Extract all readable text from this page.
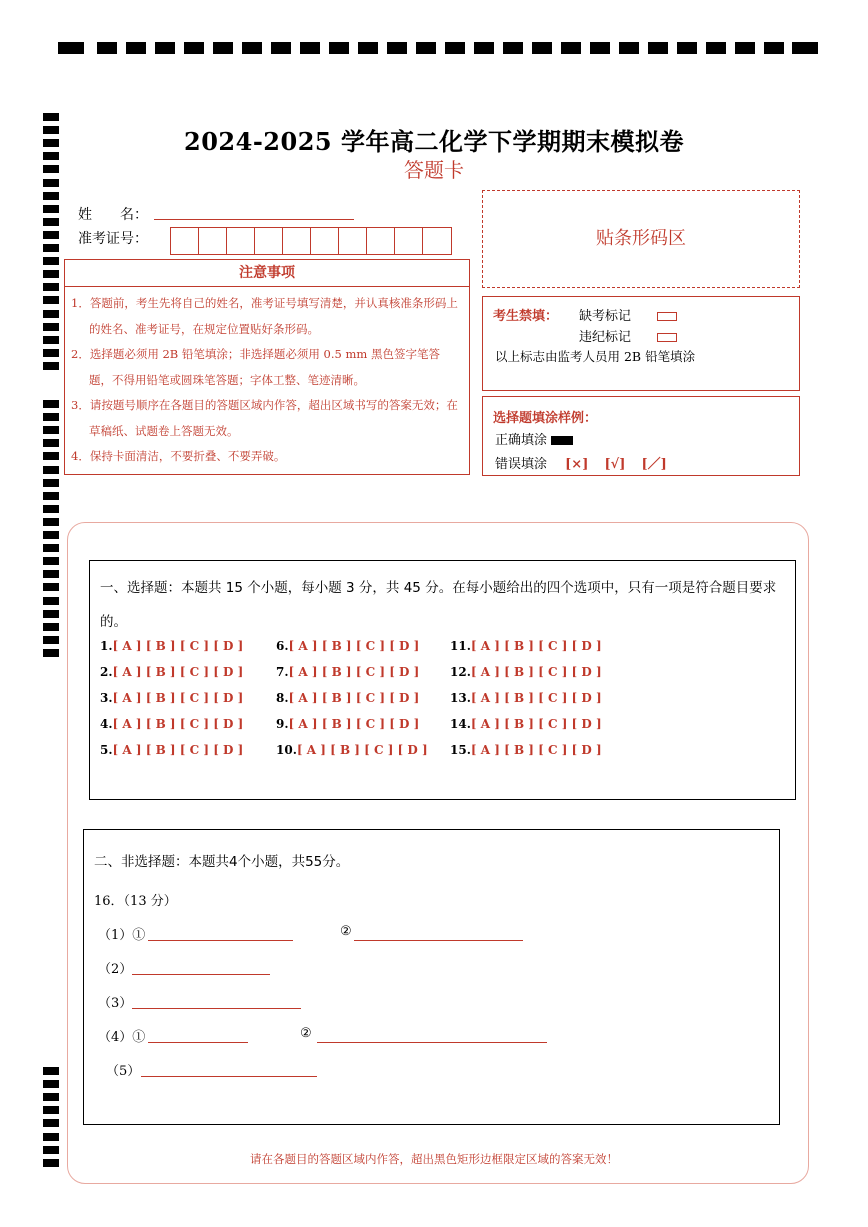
2024-2025 学年高二化学下学期期末模拟卷
答题卡
姓　　名：
准考证号：
注意事项

1．答题前，考生先将自己的姓名，准考证号填写清楚，并认真核准条形码上的姓名、准考证号，在规定位置贴好条形码。

2．选择题必须用 2B 铅笔填涂；非选择题必须用 0.5 mm 黑色签字笔答题，不得用铅笔或圆珠笔答题；字体工整、笔迹清晰。

3．请按题号顺序在各题目的答题区域内作答，超出区域书写的答案无效；在草稿纸、试题卷上答题无效。

4．保持卡面清洁，不要折叠、不要弄破。

贴条形码区
考生禁填： 缺考标记
违纪标记
以上标志由监考人员用 2B 铅笔填涂
选择题填涂样例：
正确填涂
错误填涂 [×] [√] [／]
一、选择题：本题共 15 个小题，每小题 3 分，共 45 分。在每小题给出的四个选项中，只有一项是符合题目要求的。
1.[ A ] [ B ] [ C ] [ D ]
2.[ A ] [ B ] [ C ] [ D ]
3.[ A ] [ B ] [ C ] [ D ]
4.[ A ] [ B ] [ C ] [ D ]
5.[ A ] [ B ] [ C ] [ D ]
6.[ A ] [ B ] [ C ] [ D ]
7.[ A ] [ B ] [ C ] [ D ]
8.[ A ] [ B ] [ C ] [ D ]
9.[ A ] [ B ] [ C ] [ D ]
10.[ A ] [ B ] [ C ] [ D ]
11.[ A ] [ B ] [ C ] [ D ]
12.[ A ] [ B ] [ C ] [ D ]
13.[ A ] [ B ] [ C ] [ D ]
14.[ A ] [ B ] [ C ] [ D ]
15.[ A ] [ B ] [ C ] [ D ]
二、非选择题：本题共4个小题，共55分。
16．（13 分）
（1）①	②
（2）
（3）
（4）①	②
（5）
请在各题目的答题区域内作答，超出黑色矩形边框限定区域的答案无效！
